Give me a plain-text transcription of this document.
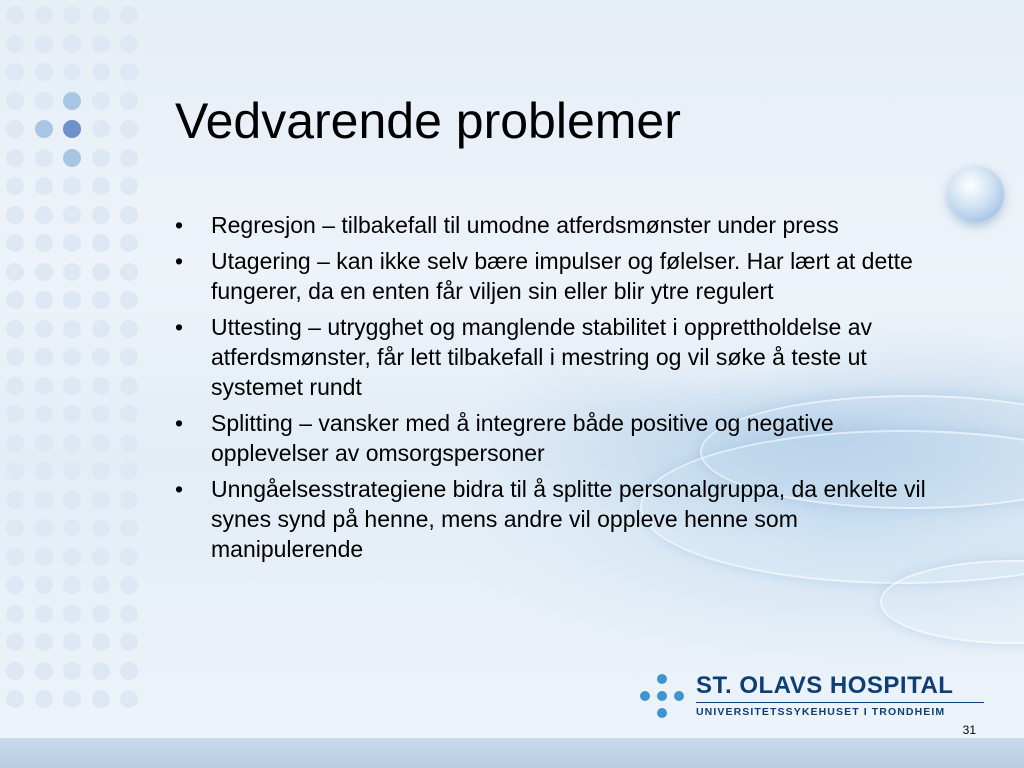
Vedvarende problemer
• Regresjon – tilbakefall til umodne atferdsmønster under press
• Utagering – kan ikke selv bære impulser og følelser. Har lært at dette fungerer, da en enten får viljen sin eller blir ytre regulert
• Uttesting – utrygghet og manglende stabilitet i opprettholdelse av atferdsmønster, får lett tilbakefall i mestring og vil søke å teste ut systemet rundt
• Splitting – vansker med å integrere både positive og negative opplevelser av omsorgspersoner
• Unngåelsesstrategiene bidra til å splitte personalgruppa, da enkelte vil synes synd på henne, mens andre vil oppleve henne som manipulerende
ST. OLAVS HOSPITAL
UNIVERSITETSSYKEHUSET I TRONDHEIM
31
